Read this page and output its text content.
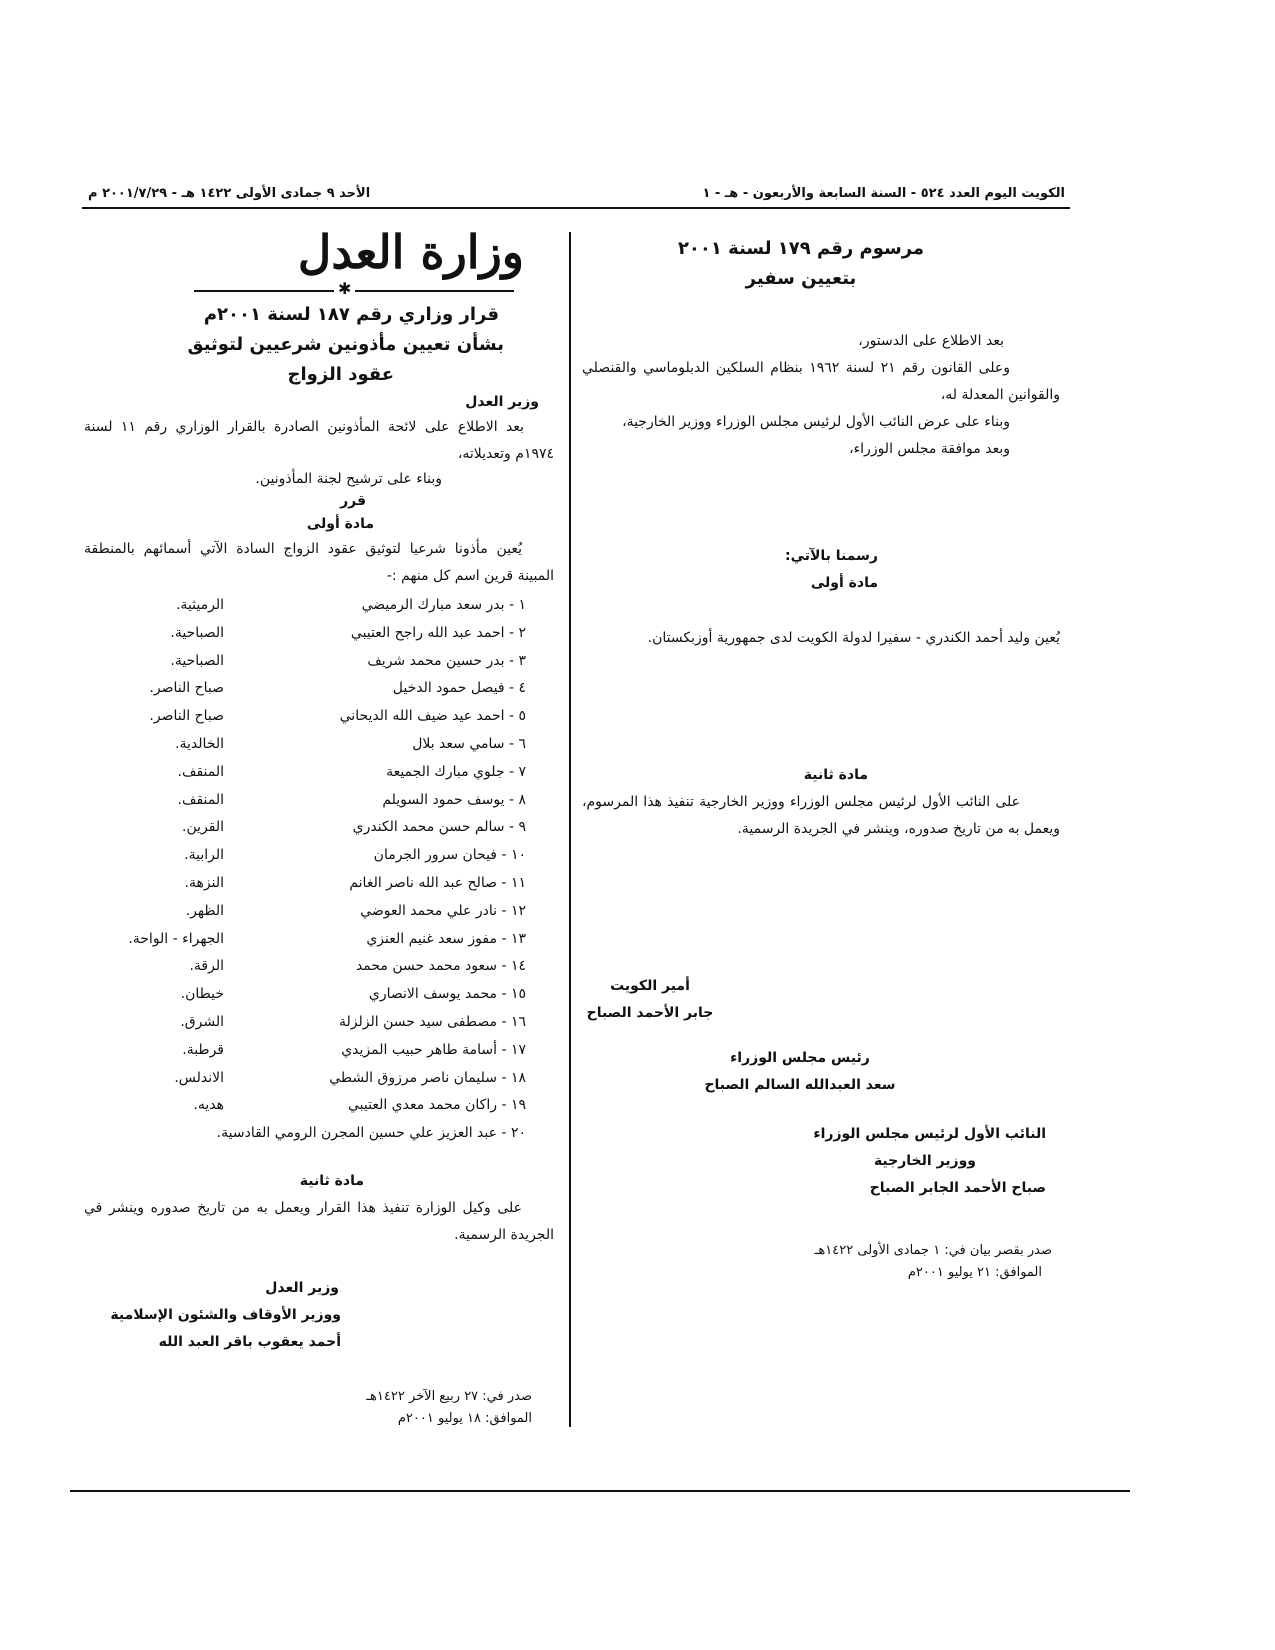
الكويت اليوم العدد ٥٢٤ - السنة السابعة والأربعون - هـ - ١
الأحد ٩ جمادى الأولى ١٤٢٢ هـ - ٢٠٠١/٧/٢٩ م
مرسوم رقم ١٧٩ لسنة ٢٠٠١
بتعيين سفير

بعد الاطلاع على الدستور،

وعلى القانون رقم ٢١ لسنة ١٩٦٢ بنظام السلكين الدبلوماسي والقنصلي والقوانين المعدلة له،

وبناء على عرض النائب الأول لرئيس مجلس الوزراء ووزير الخارجية،

وبعد موافقة مجلس الوزراء،

رسمنا بالآتي:
مادة أولى

يُعين وليد أحمد الكندري - سفيرا لدولة الكويت لدى جمهورية أوزبكستان.

مادة ثانية

على النائب الأول لرئيس مجلس الوزراء ووزير الخارجية تنفيذ هذا المرسوم، ويعمل به من تاريخ صدوره، وينشر في الجريدة الرسمية.

أمير الكويت
جابر الأحمد الصباح
رئيس مجلس الوزراء
سعد العبدالله السالم الصباح
النائب الأول لرئيس مجلس الوزراء
ووزير الخارجية
صباح الأحمد الجابر الصباح
صدر بقصر بيان في: ١ جمادى الأولى ١٤٢٢هـ
الموافق: ٢١ يوليو ٢٠٠١م
وزارة العدل
✱
قرار وزاري رقم ١٨٧ لسنة ٢٠٠١م
بشأن تعيين مأذونين شرعيين لتوثيق
عقود الزواج
وزير العدل

بعد الاطلاع على لائحة المأذونين الصادرة بالقرار الوزاري رقم ١١ لسنة ١٩٧٤م وتعديلاته،

وبناء على ترشيح لجنة المأذونين.

قرر
مادة أولى

يُعين مأذونا شرعيا لتوثيق عقود الزواج السادة الآتي أسمائهم بالمنطقة المبينة قرين اسم كل منهم :-

١ - بدر سعد مبارك الرميضي
الرميثية.
٢ - احمد عبد الله راجح العتيبي
الصباحية.
٣ - بدر حسين محمد شريف
الصباحية.
٤ - فيصل حمود الدخيل
صباح الناصر.
٥ - احمد عيد ضيف الله الديحاني
صباح الناصر.
٦ - سامي سعد بلال
الخالدية.
٧ - جلوي مبارك الجميعة
المنقف.
٨ - يوسف حمود السويلم
المنقف.
٩ - سالم حسن محمد الكندري
القرين.
١٠ - فيحان سرور الجرمان
الرابية.
١١ - صالح عبد الله ناصر الغانم
النزهة.
١٢ - نادر علي محمد العوضي
الظهر.
١٣ - مفوز سعد غنيم العنزي
الجهراء - الواحة.
١٤ - سعود محمد حسن محمد
الرقة.
١٥ - محمد يوسف الانصاري
خيطان.
١٦ - مصطفى سيد حسن الزلزلة
الشرق.
١٧ - أسامة طاهر حبيب المزيدي
قرطبة.
١٨ - سليمان ناصر مرزوق الشطي
الاندلس.
١٩ - راكان محمد معدي العتيبي
هديه.
٢٠ - عبد العزيز علي حسين المجرن الرومي القادسية.
مادة ثانية

على وكيل الوزارة تنفيذ هذا القرار ويعمل به من تاريخ صدوره وينشر في الجريدة الرسمية.

وزير العدل
ووزير الأوقاف والشئون الإسلامية
أحمد يعقوب باقر العبد الله
صدر في: ٢٧ ربيع الآخر ١٤٢٢هـ
الموافق: ١٨ يوليو ٢٠٠١م
